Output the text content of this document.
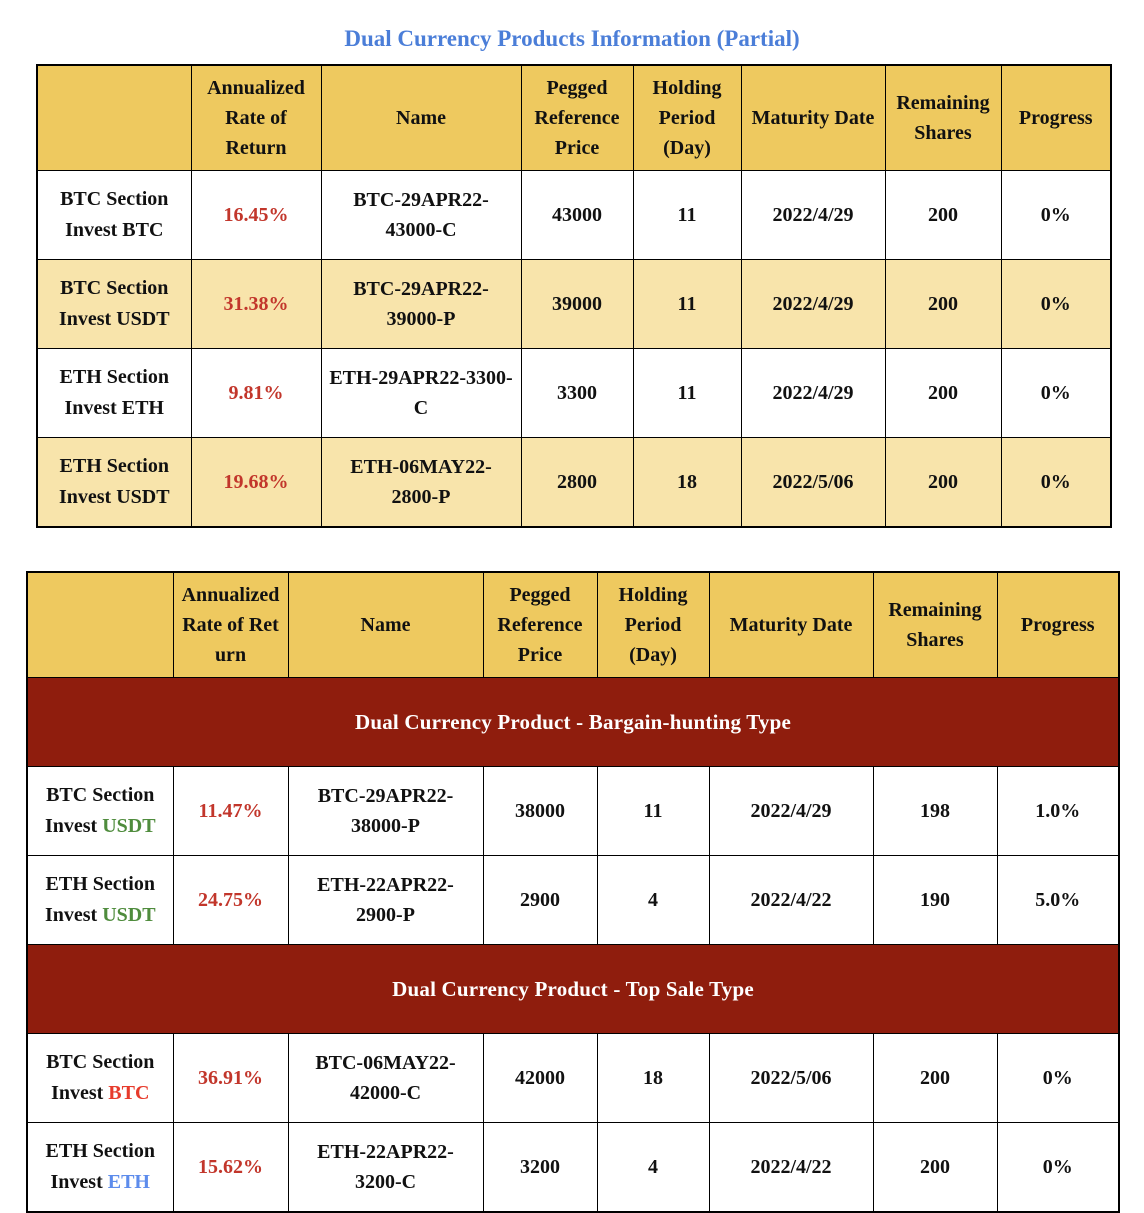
Dual Currency Products Information (Partial)
	Annualized Rate of Return	Name	Pegged Reference Price	Holding Period (Day)	Maturity Date	Remaining Shares	Progress

BTC Section
Invest BTC	16.45%	BTC-29APR22-43000-C	43000	11	2022/4/29	200	0%

BTC Section
Invest USDT	31.38%	BTC-29APR22-39000-P	39000	11	2022/4/29	200	0%

ETH Section
Invest ETH	9.81%	ETH-29APR22-3300-C	3300	11	2022/4/29	200	0%

ETH Section
Invest USDT	19.68%	ETH-06MAY22-2800-P	2800	18	2022/5/06	200	0%
	Annualized Rate of Return	Name	Pegged Reference Price	Holding Period (Day)	Maturity Date	Remaining Shares	Progress
Dual Currency Product - Bargain-hunting Type							

BTC Section
Invest USDT	11.47%	BTC-29APR22-38000-P	38000	11	2022/4/29	198	1.0%

ETH Section
Invest USDT	24.75%	ETH-22APR22-2900-P	2900	4	2022/4/22	190	5.0%
Dual Currency Product - Top Sale Type							

BTC Section
Invest BTC	36.91%	BTC-06MAY22-42000-C	42000	18	2022/5/06	200	0%

ETH Section
Invest ETH	15.62%	ETH-22APR22-3200-C	3200	4	2022/4/22	200	0%
